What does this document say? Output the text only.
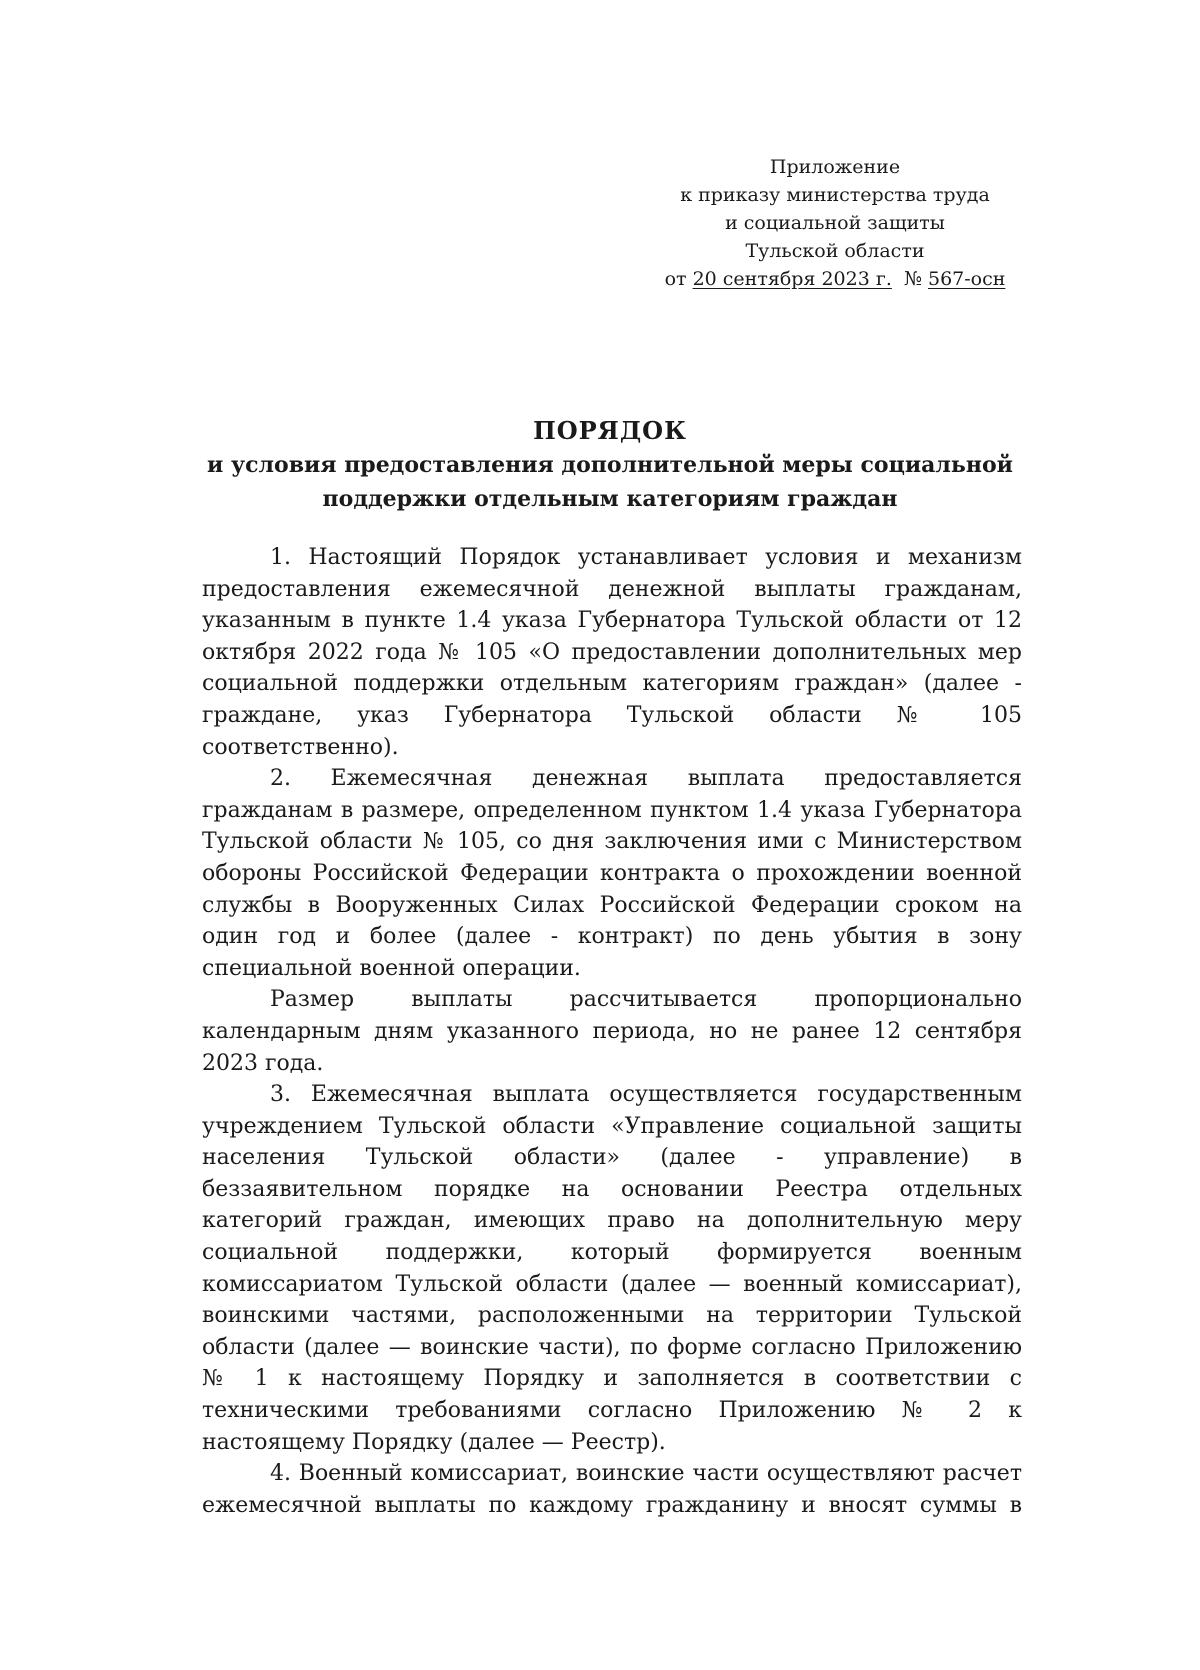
Приложение
к приказу министерства труда
и социальной защиты
Тульской области
от 20 сентября 2023 г. № 567-осн
ПОРЯДОК
и условия предоставления дополнительной меры социальной
поддержки отдельным категориям граждан

1. Настоящий Порядок устанавливает условия и механизм предоставления ежемесячной денежной выплаты гражданам, указанным в пункте 1.4 указа Губернатора Тульской области от 12 октября 2022 года № 105 «О предоставлении дополнительных мер социальной поддержки отдельным категориям граждан» (далее - граждане, указ Губернатора Тульской области № 105 соответственно).

2. Ежемесячная денежная выплата предоставляется гражданам в размере, определенном пунктом 1.4 указа Губернатора Тульской области № 105, со дня заключения ими с Министерством обороны Российской Федерации контракта о прохождении военной службы в Вооруженных Силах Российской Федерации сроком на один год и более (далее - контракт) по день убытия в зону специальной военной операции.

Размер выплаты рассчитывается пропорционально календарным дням указанного периода, но не ранее 12 сентября 2023 года.

3. Ежемесячная выплата осуществляется государственным учреждением Тульской области «Управление социальной защиты населения Тульской области» (далее - управление) в беззаявительном порядке на основании Реестра отдельных категорий граждан, имеющих право на дополнительную меру социальной поддержки, который формируется военным комиссариатом Тульской области (далее — военный комиссариат), воинскими частями, расположенными на территории Тульской области (далее — воинские части), по форме согласно Приложению № 1 к настоящему Порядку и заполняется в соответствии с техническими требованиями согласно Приложению № 2 к настоящему Порядку (далее — Реестр).

4. Военный комиссариат, воинские части осуществляют расчет ежемесячной выплаты по каждому гражданину и вносят суммы в
